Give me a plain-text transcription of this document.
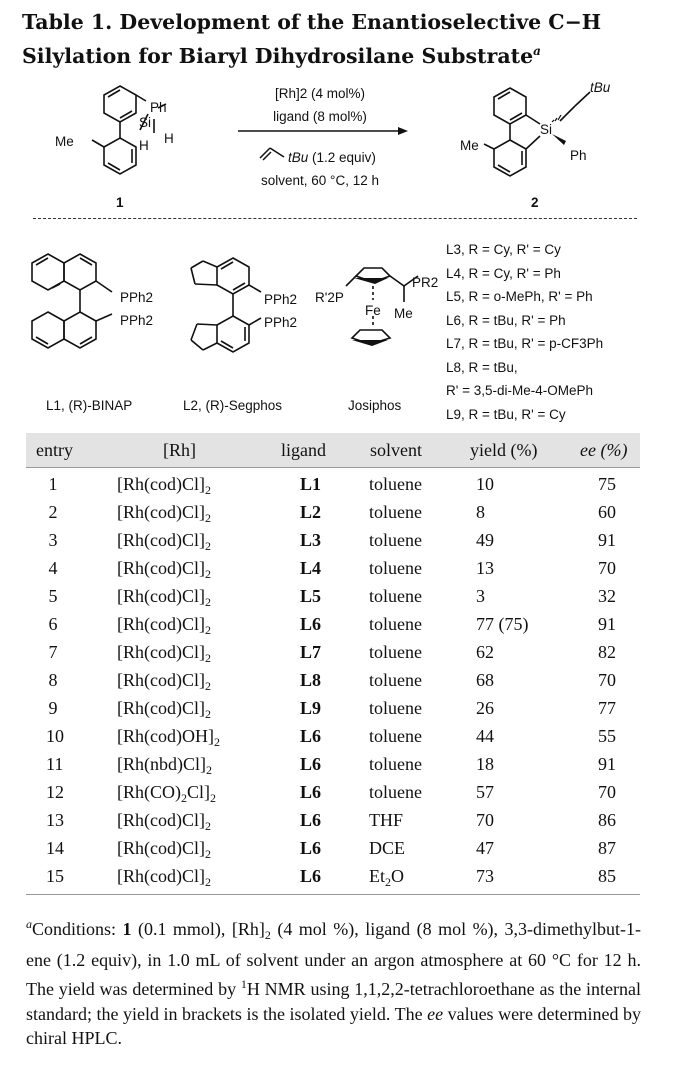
Table 1. Development of the Enantioselective C−H
Silylation for Biaryl Dihydrosilane Substrate$^a$
Si
Ph
H H
Me
1
[Rh]2 (4 mol%)
ligand (8 mol%)
tBu (1.2 equiv)
solvent, 60 °C, 12 h
Si
tBu
Ph
Me
2
PPh2
PPh2
L1, (R)-BINAP
PPh2
PPh2
L2, (R)-Segphos
R'2P
PR2
Fe Me
Josiphos
L3, R = Cy, R' = Cy
L4, R = Cy, R' = Ph
L5, R = o-MePh, R' = Ph
L6, R = tBu, R' = Ph
L7, R = tBu, R' = p-CF3Ph
L8, R = tBu,
R' = 3,5-di-Me-4-OMePh
L9, R = tBu, R' = Cy
entry	[Rh]	ligand solvent	yield (%) ee (%)
1	$[Rh(cod)Cl]_2$	L1	toluene	10	75
2	$[Rh(cod)Cl]_2$	L2	toluene	8	60
3	$[Rh(cod)Cl]_2$	L3	toluene	49	91
4	$[Rh(cod)Cl]_2$	L4	toluene	13	70
5	$[Rh(cod)Cl]_2$	L5	toluene	3	32
6	$[Rh(cod)Cl]_2$	L6	toluene	77 (75)	91
7	$[Rh(cod)Cl]_2$	L7	toluene	62	82
8	$[Rh(cod)Cl]_2$	L8	toluene	68	70
9	$[Rh(cod)Cl]_2$	L9	toluene	26	77
10	$[Rh(cod)OH]_2$	L6	toluene	44	55
11	$[Rh(nbd)Cl]_2$	L6	toluene	18	91
12	$[Rh(CO)_2Cl]_2$	L6	toluene	57	70
13	$[Rh(cod)Cl]_2$	L6	THF	70	86
14	$[Rh(cod)Cl]_2$	L6	DCE	47	87
15	$[Rh(cod)Cl]_2$	L6	$Et_2O$	73	85
$^a$Conditions: 1 (0.1 mmol), $[Rh]_2$ (4 mol %), ligand (8 mol %), 3,3-dimethylbut-1-ene (1.2 equiv), in 1.0 mL of solvent under an argon atmosphere at 60 °C for 12 h. The yield was determined by $^1$H NMR using 1,1,2,2-tetrachloroethane as the internal standard; the yield in brackets is the isolated yield. The ee values were determined by chiral HPLC.
